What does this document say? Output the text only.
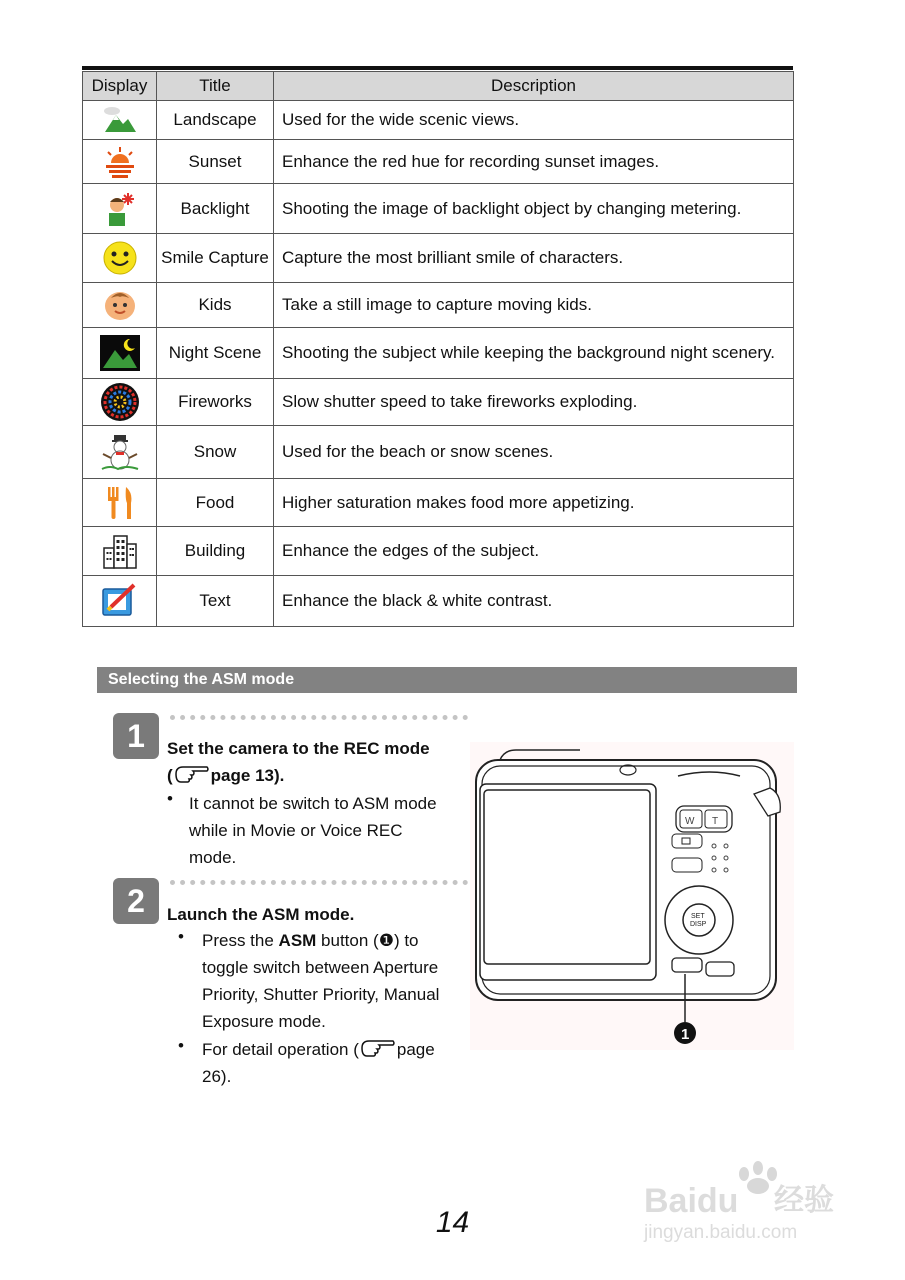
Display	Title	Description

	Landscape	Used for the wide scenic views.

	Sunset	Enhance the red hue for recording sunset images.

	Backlight	Shooting the image of backlight object by changing metering.

	Smile Capture	Capture the most brilliant smile of characters.

	Kids	Take a still image to capture moving kids.

	Night Scene	Shooting the subject while keeping the background night scenery.

	Fireworks	Slow shutter speed to take fireworks exploding.

	Snow	Used for the beach or snow scenes.

	Food	Higher saturation makes food more appetizing.

	Building	Enhance the edges of the subject.

	Text	Enhance the black & white contrast.
Selecting the ASM mode
1	Set the camera to the REC mode
( page 13).
• It cannot be switch to ASM mode
while in Movie or Voice REC
mode.
2	Launch the ASM mode.
• Press the ASM button (❶) to
toggle switch between Aperture
Priority, Shutter Priority, Manual
Exposure mode.
• For detail operation ( page
26).
W T
SET
DISP
1
14
Baidu 经验
jingyan.baidu.com
